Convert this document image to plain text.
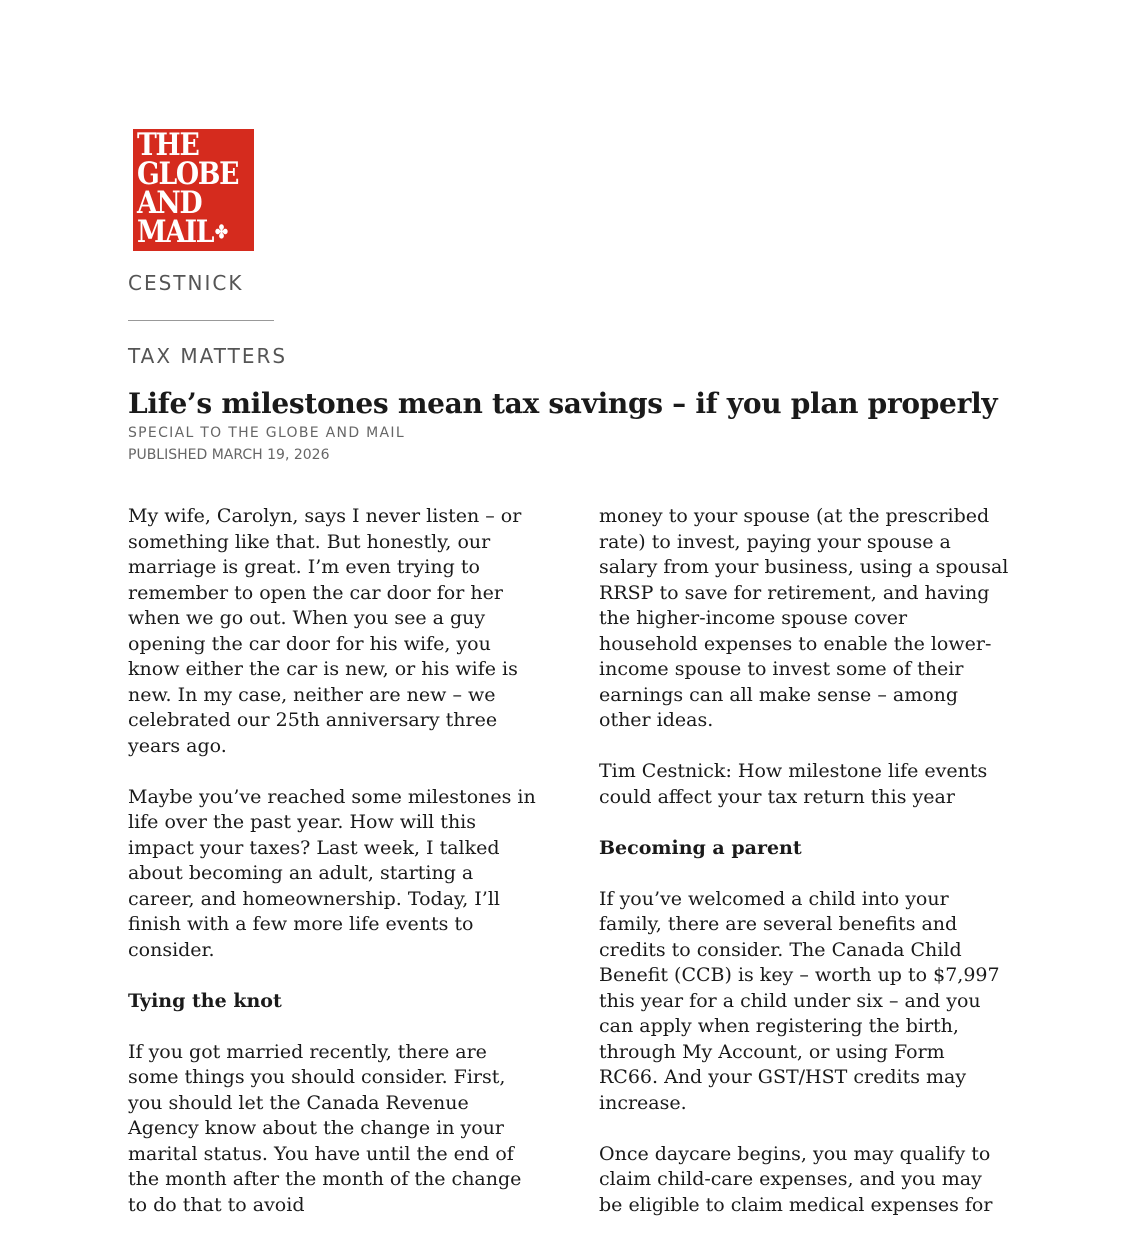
THE
GLOBE
AND
MAIL✤
CESTNICK
TAX MATTERS
Life’s milestones mean tax savings – if you plan properly
SPECIAL TO THE GLOBE AND MAIL
PUBLISHED MARCH 19, 2026

My wife, Carolyn, says I never listen – or something like that. But honestly, our marriage is great. I’m even trying to remember to open the car door for her when we go out. When you see a guy opening the car door for his wife, you know either the car is new, or his wife is new. In my case, neither are new – we celebrated our 25th anniversary three years ago.

Maybe you’ve reached some milestones in life over the past year. How will this impact your taxes? Last week, I talked about becoming an adult, starting a career, and homeownership. Today, I’ll finish with a few more life events to consider.

Tying the knot

If you got married recently, there are some things you should consider. First, you should let the Canada Revenue Agency know about the change in your marital status. You have until the end of the month after the month of the change to do that to avoid

money to your spouse (at the prescribed rate) to invest, paying your spouse a salary from your business, using a spousal RRSP to save for retirement, and having the higher-income spouse cover household expenses to enable the lower-income spouse to invest some of their earnings can all make sense – among other ideas.

Tim Cestnick: How milestone life events could affect your tax return this year

Becoming a parent

If you’ve welcomed a child into your family, there are several benefits and credits to consider. The Canada Child Benefit (CCB) is key – worth up to $7,997 this year for a child under six – and you can apply when registering the birth, through My Account, or using Form RC66. And your GST/HST credits may increase.

Once daycare begins, you may qualify to claim child-care expenses, and you may be eligible to claim medical expenses for
